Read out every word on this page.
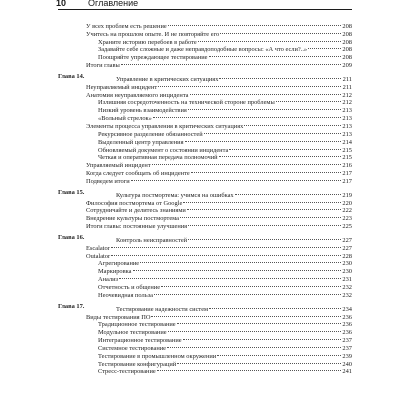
10 Оглавление
У всех проблем есть решение	208
Учитесь на прошлом опыте. И не повторяйте его	208
Храните историю перебоев в работе	208
Задавайте себе сложные и даже неправдоподобные вопросы: «А что если?..»	208
Поощряйте упреждающее тестирование	208
Итоги главы	209
Глава 14.	Управление в критических ситуациях	211
Неуправляемый инцидент	211
Анатомия неуправляемого инцидента	212
Излишняя сосредоточенность на технической стороне проблемы	212
Низкий уровень взаимодействия	213
«Вольный стрелок»	213
Элементы процесса управления в критических ситуациях	213
Рекурсивное разделение обязанностей	213
Выделенный центр управления	214
Обновляемый документ о состоянии инцидента	215
Четкая и оперативная передача полномочий	215
Управляемый инцидент	216
Когда следует сообщать об инциденте	217
Подведем итоги	217
Глава 15.	Культура постмортема: учимся на ошибках	219
Философия постмортема от Google	220
Сотрудничайте и делитесь знаниями	222
Внедрение культуры постмортема	223
Итоги главы: постоянные улучшения	225
Глава 16.	Контроль неисправностей	227
Escalator	227
Outalator	228
Агрегирование	230
Маркировка	230
Анализ	231
Отчетность и общение	232
Неочевидная польза	232
Глава 17.	Тестирование надежности систем	234
Виды тестирования ПО	236
Традиционное тестирование	236
Модульное тестирование	236
Интеграционное тестирование	237
Системное тестирование	237
Тестирование в промышленном окружении	239
Тестирование конфигураций	240
Стресс-тестирование	241
